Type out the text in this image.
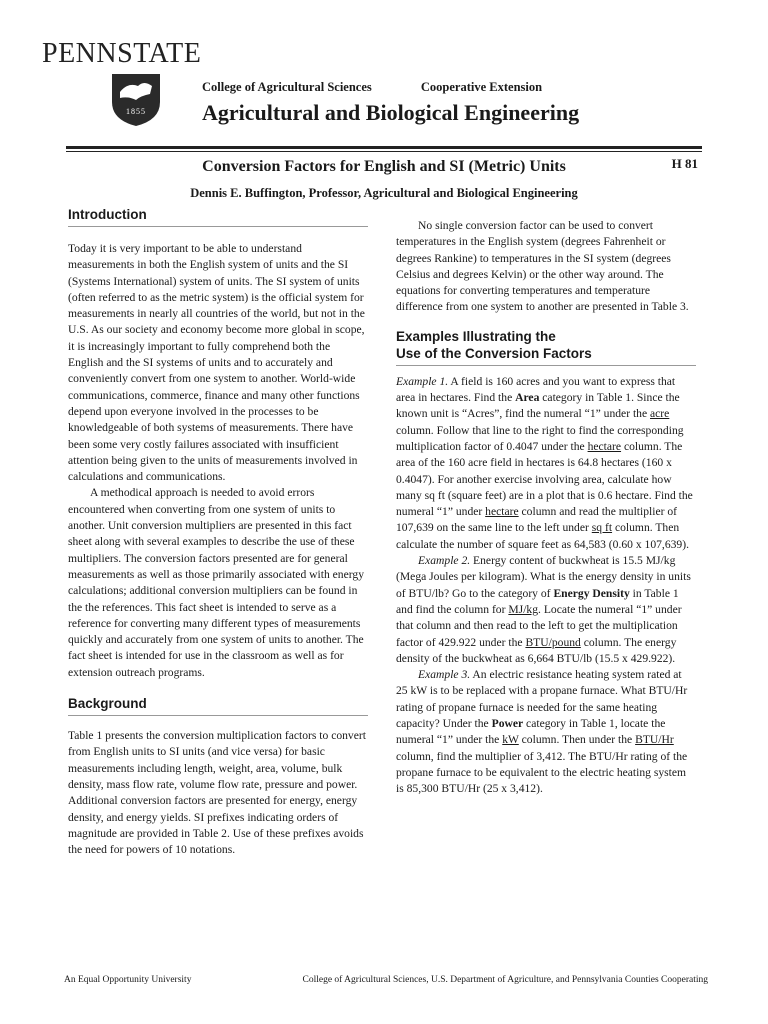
PENNSTATE
1855
College of Agricultural Sciences	Cooperative Extension
Agricultural and Biological Engineering
Conversion Factors for English and SI (Metric) Units	H 81
Dennis E. Buffington, Professor, Agricultural and Biological Engineering
Introduction

Today it is very important to be able to understand measurements in both the English system of units and the SI (Systems International) system of units. The SI system of units (often referred to as the metric system) is the official system for measurements in nearly all countries of the world, but not in the U.S. As our society and economy become more global in scope, it is increasingly important to fully comprehend both the English and the SI systems of units and to accurately and conveniently convert from one system to another. World-wide communications, commerce, finance and many other functions depend upon everyone involved in the processes to be knowledgeable of both systems of measurements. There have been some very costly failures associated with insufficient attention being given to the units of measurements involved in calculations and communications.

A methodical approach is needed to avoid errors encountered when converting from one system of units to another. Unit conversion multipliers are presented in this fact sheet along with several examples to describe the use of these multipliers. The conversion factors presented are for general measurements as well as those primarily associated with energy calculations; additional conversion multipliers can be found in the the references. This fact sheet is intended to serve as a reference for converting many different types of measurements quickly and accurately from one system of units to another. The fact sheet is intended for use in the classroom as well as for extension outreach programs.

Background

Table 1 presents the conversion multiplication factors to convert from English units to SI units (and vice versa) for basic measurements including length, weight, area, volume, bulk density, mass flow rate, volume flow rate, pressure and power. Additional conversion factors are presented for energy, energy density, and energy yields. SI prefixes indicating orders of magnitude are provided in Table 2. Use of these prefixes avoids the need for powers of 10 notations.

No single conversion factor can be used to convert temperatures in the English system (degrees Fahrenheit or degrees Rankine) to temperatures in the SI system (degrees Celsius and degrees Kelvin) or the other way around. The equations for converting temperatures and temperature difference from one system to another are presented in Table 3.

Examples Illustrating the
Use of the Conversion Factors

Example 1. A field is 160 acres and you want to express that area in hectares. Find the Area category in Table 1. Since the known unit is “Acres”, find the numeral “1” under the acre column. Follow that line to the right to find the corresponding multiplication factor of 0.4047 under the hectare column. The area of the 160 acre field in hectares is 64.8 hectares (160 x 0.4047). For another exercise involving area, calculate how many sq ft (square feet) are in a plot that is 0.6 hectare. Find the numeral “1” under hectare column and read the multiplier of 107,639 on the same line to the left under sq ft column. Then calculate the number of square feet as 64,583 (0.60 x 107,639).

Example 2. Energy content of buckwheat is 15.5 MJ/kg (Mega Joules per kilogram). What is the energy density in units of BTU/lb? Go to the category of Energy Density in Table 1 and find the column for MJ/kg. Locate the numeral “1” under that column and then read to the left to get the multiplication factor of 429.922 under the BTU/pound column. The energy density of the buckwheat as 6,664 BTU/lb (15.5 x 429.922).

Example 3. An electric resistance heating system rated at 25 kW is to be replaced with a propane furnace. What BTU/Hr rating of propane furnace is needed for the same heating capacity? Under the Power category in Table 1, locate the numeral “1” under the kW column. Then under the BTU/Hr column, find the multiplier of 3,412. The BTU/Hr rating of the propane furnace to be equivalent to the electric heating system is 85,300 BTU/Hr (25 x 3,412).

An Equal Opportunity University	College of Agricultural Sciences, U.S. Department of Agriculture, and Pennsylvania Counties Cooperating
